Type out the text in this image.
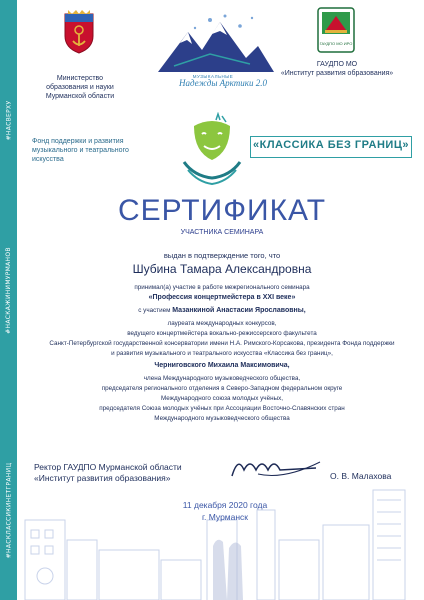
#НАСВЕРХУ
#НАСКАЖИНИМУРМАНОВ
#НАСКЛАССИКИНЕТГРАНИЦ
Министерство образования и науки Мурманской области
МУЗЫКАЛЬНЫЕ
Надежды Арктики 2.0
ГАУДПО МО ИРО
ГАУДПО МО
«Институт развития образования»
Фонд поддержки и развития
музыкального и театрального искусства
«КЛАССИКА БЕЗ ГРАНИЦ»
СЕРТИФИКАТ
УЧАСТНИКА СЕМИНАРА
выдан в подтверждение того, что
Шубина Тамара Александровна
принимал(а) участие в работе межрегионального семинара
«Профессия концертмейстера в XXI веке»
с участием Мазанкиной Анастасии Ярославовны,
лауреата международных конкурсов,
ведущего концертмейстера вокально-режиссерского факультета
Санкт-Петербургской государственной консерватории имени Н.А. Римского-Корсакова, президента Фонда поддержки
и развития музыкального и театрального искусства «Классика без границ»,
Черниговского Михаила Максимовича,
члена Международного музыковедческого общества,
председателя регионального отделения в Северо-Западном федеральном округе
Международного союза молодых учёных,
председателя Союза молодых учёных при Ассоциации Восточно-Славянских стран
Международного музыковедческого общества
Ректор ГАУДПО Мурманской области
«Институт развития образования»	О. В. Малахова
11 декабря 2020 года
г. Мурманск
